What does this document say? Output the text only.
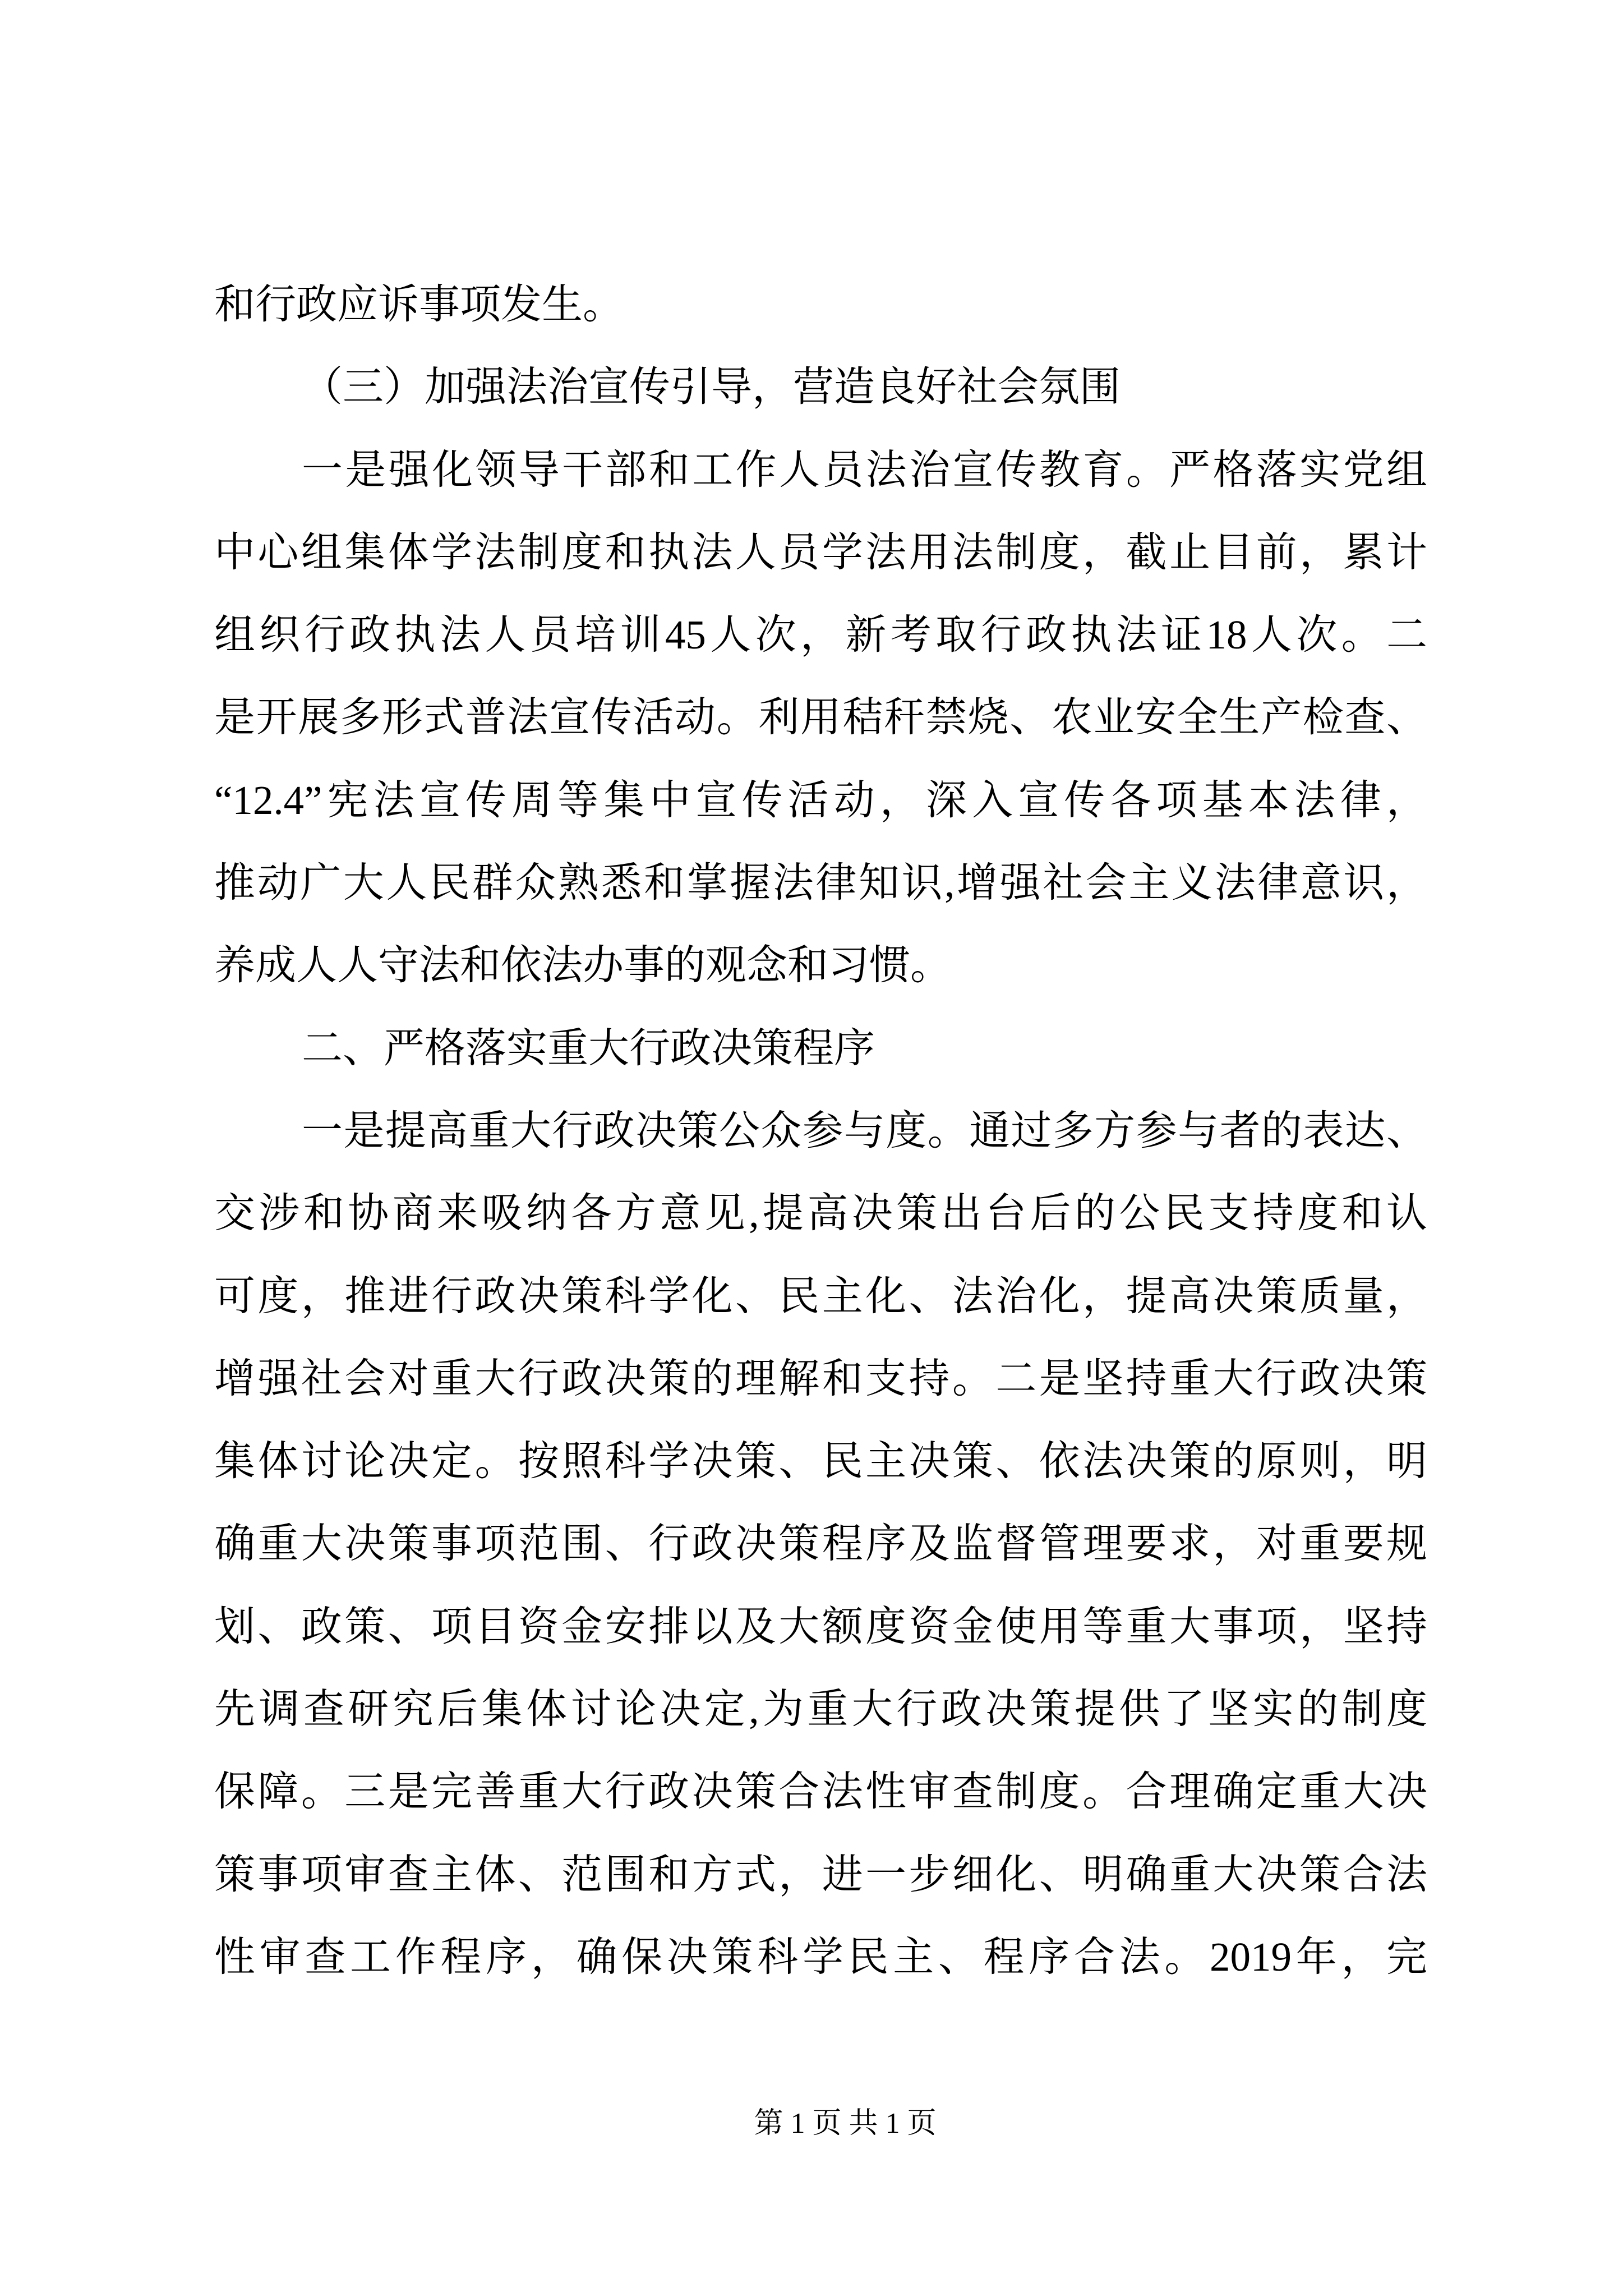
和行政应诉事项发生。
（三）加强法治宣传引导，营造良好社会氛围
一是强化领导干部和工作人员法治宣传教育。严格落实党组
中心组集体学法制度和执法人员学法用法制度，截止目前，累计
组织行政执法人员培训45人次，新考取行政执法证18人次。二
是开展多形式普法宣传活动。利用秸秆禁烧、农业安全生产检查、
“12.4”宪法宣传周等集中宣传活动，深入宣传各项基本法律，
推动广大人民群众熟悉和掌握法律知识,增强社会主义法律意识，
养成人人守法和依法办事的观念和习惯。
二、严格落实重大行政决策程序
一是提高重大行政决策公众参与度。通过多方参与者的表达、
交涉和协商来吸纳各方意见,提高决策出台后的公民支持度和认
可度，推进行政决策科学化、民主化、法治化，提高决策质量，
增强社会对重大行政决策的理解和支持。二是坚持重大行政决策
集体讨论决定。按照科学决策、民主决策、依法决策的原则，明
确重大决策事项范围、行政决策程序及监督管理要求，对重要规
划、政策、项目资金安排以及大额度资金使用等重大事项，坚持
先调查研究后集体讨论决定,为重大行政决策提供了坚实的制度
保障。三是完善重大行政决策合法性审查制度。合理确定重大决
策事项审查主体、范围和方式，进一步细化、明确重大决策合法
性审查工作程序，确保决策科学民主、程序合法。2019年，完
第 1 页 共 1 页
